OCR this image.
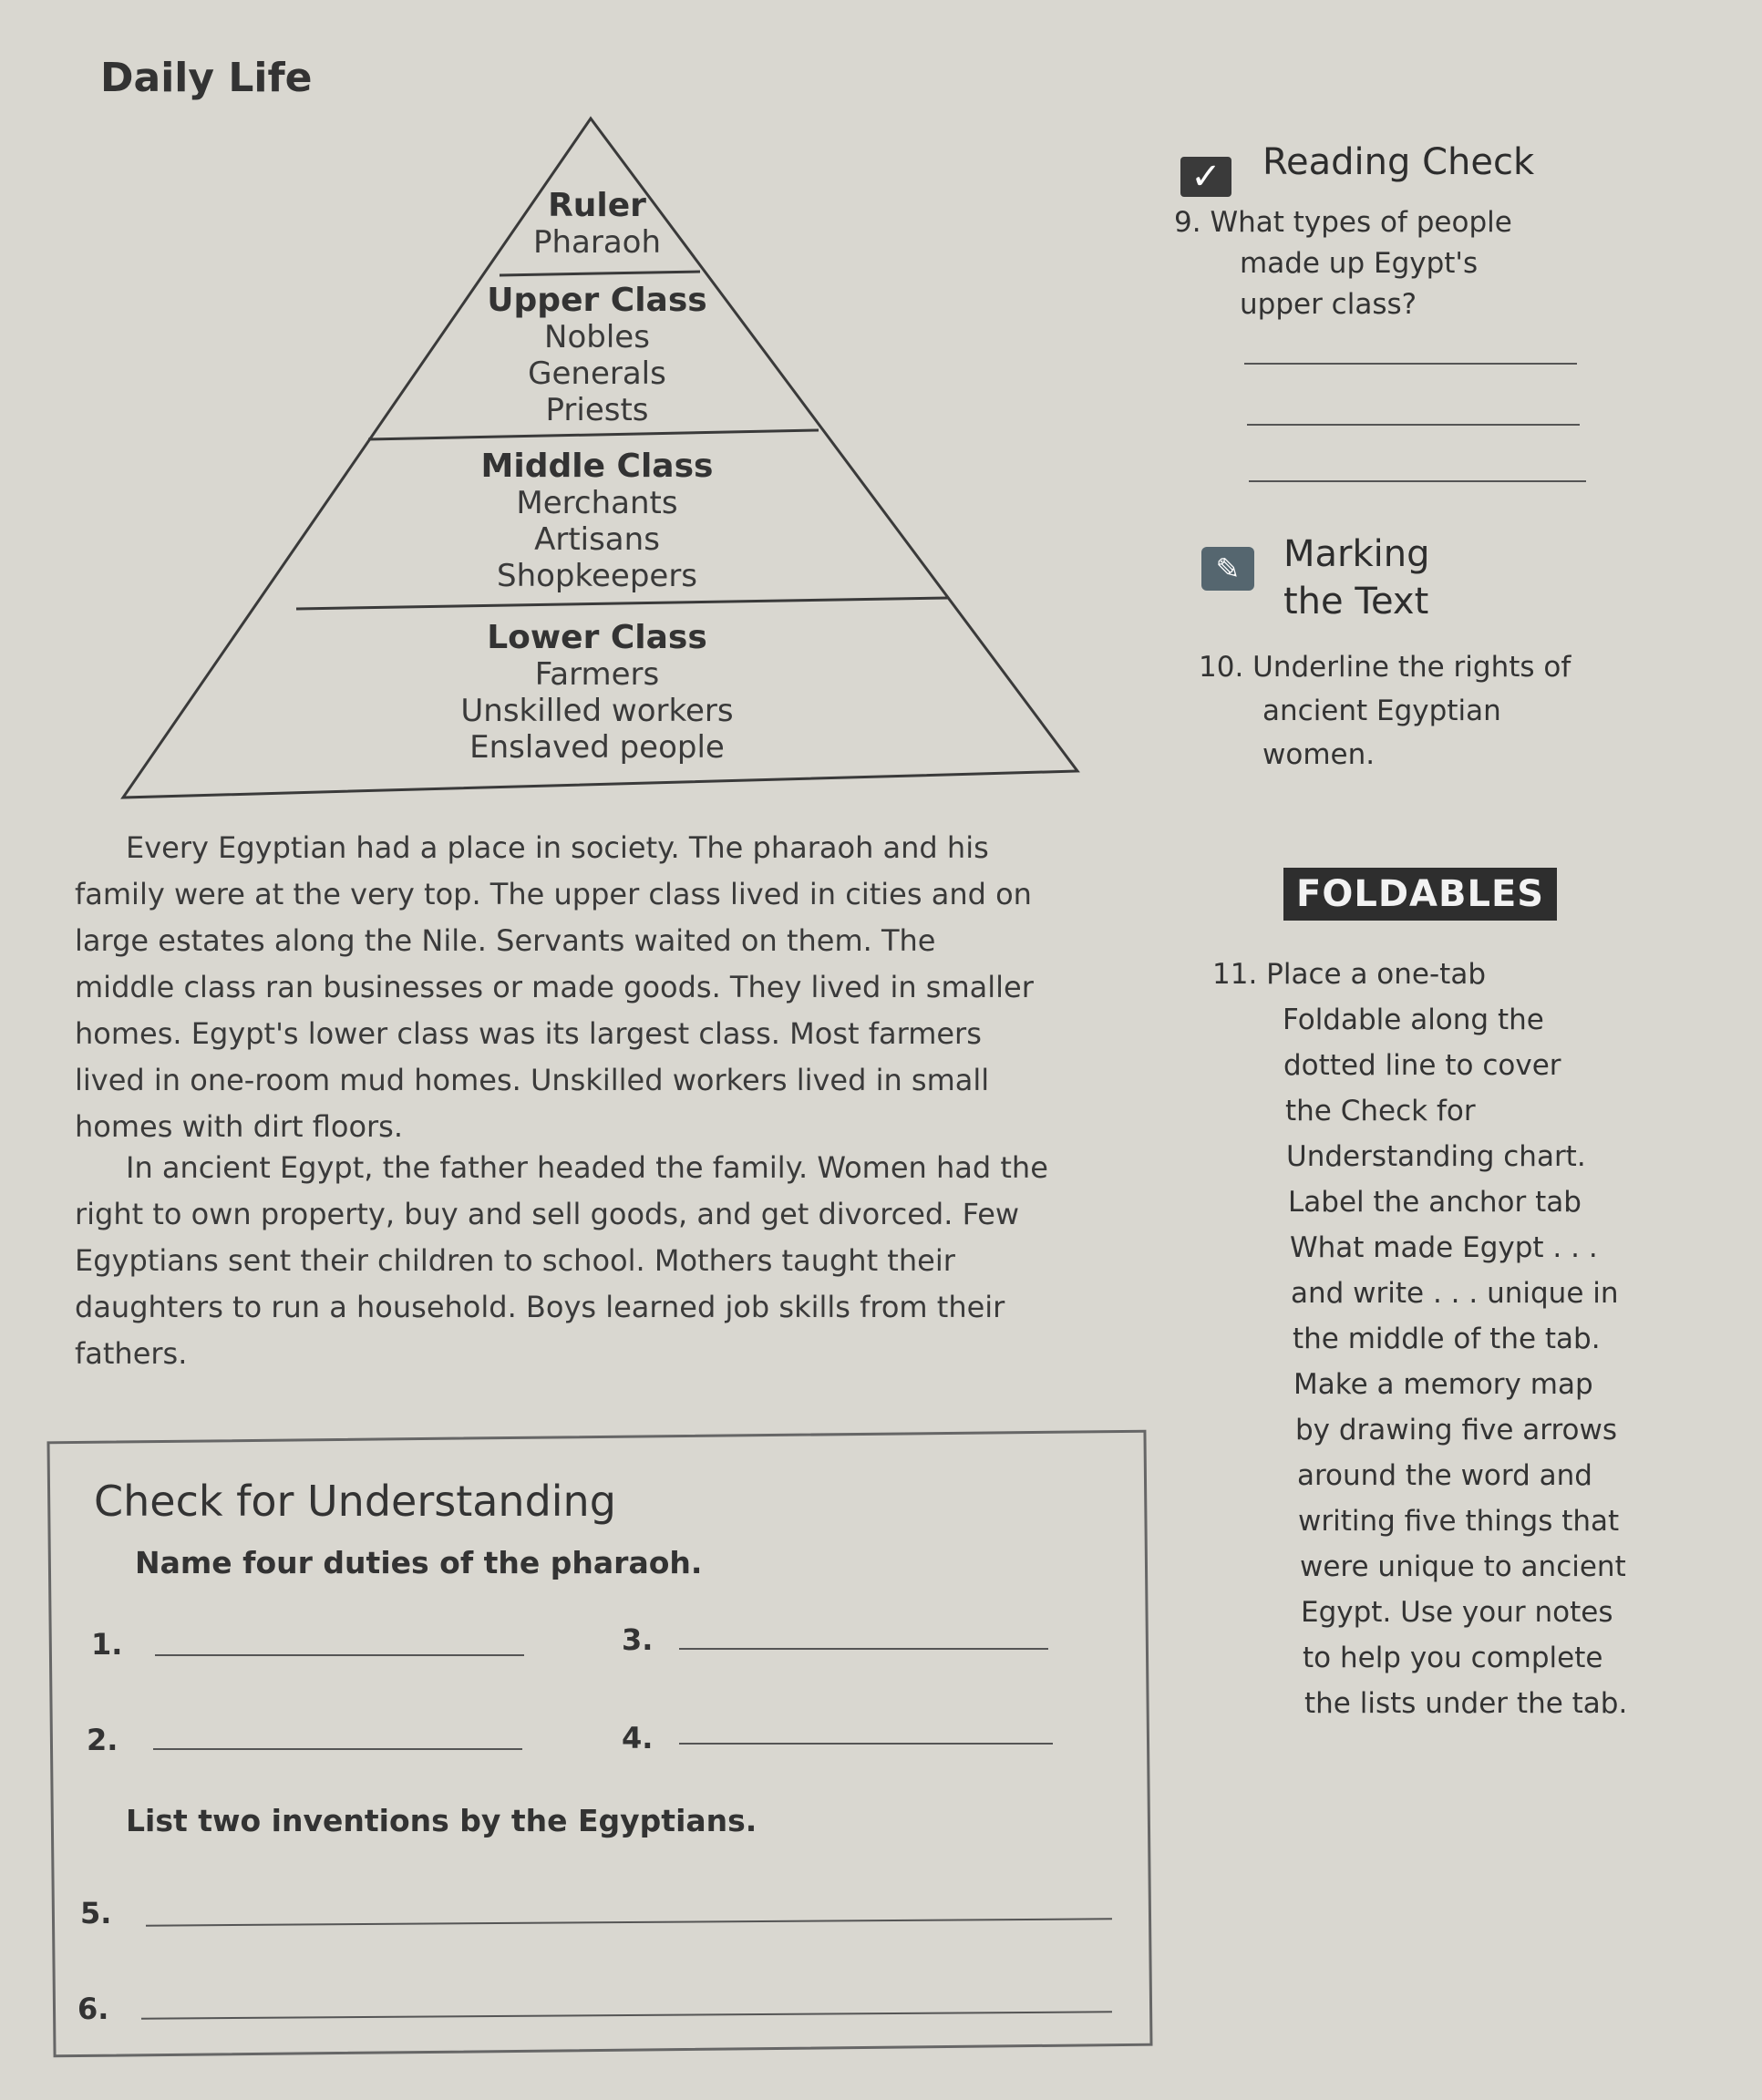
Daily Life
Ruler
Pharaoh
Upper Class
Nobles
Generals
Priests
Middle Class
Merchants
Artisans
Shopkeepers
Lower Class
Farmers
Unskilled workers
Enslaved people
✓ Reading Check
9. What types of people
made up Egypt's
upper class?
✎	Marking
the Text
10. Underline the rights of
ancient Egyptian
women.
FOLDABLES
11. Place a one-tab
Foldable along the
dotted line to cover
the Check for
Understanding chart.
Label the anchor tab
What made Egypt . . .
and write . . . unique in
the middle of the tab.
Make a memory map
by drawing five arrows
around the word and
writing five things that
were unique to ancient
Egypt. Use your notes
to help you complete
the lists under the tab.
Every Egyptian had a place in society. The pharaoh and his
family were at the very top. The upper class lived in cities and on
large estates along the Nile. Servants waited on them. The
middle class ran businesses or made goods. They lived in smaller
homes. Egypt's lower class was its largest class. Most farmers
lived in one-room mud homes. Unskilled workers lived in small
homes with dirt floors.
In ancient Egypt, the father headed the family. Women had the
right to own property, buy and sell goods, and get divorced. Few
Egyptians sent their children to school. Mothers taught their
daughters to run a household. Boys learned job skills from their
fathers.
Check for Understanding
Name four duties of the pharaoh.
1.	3.
2.	4.
List two inventions by the Egyptians.
5.
6.
